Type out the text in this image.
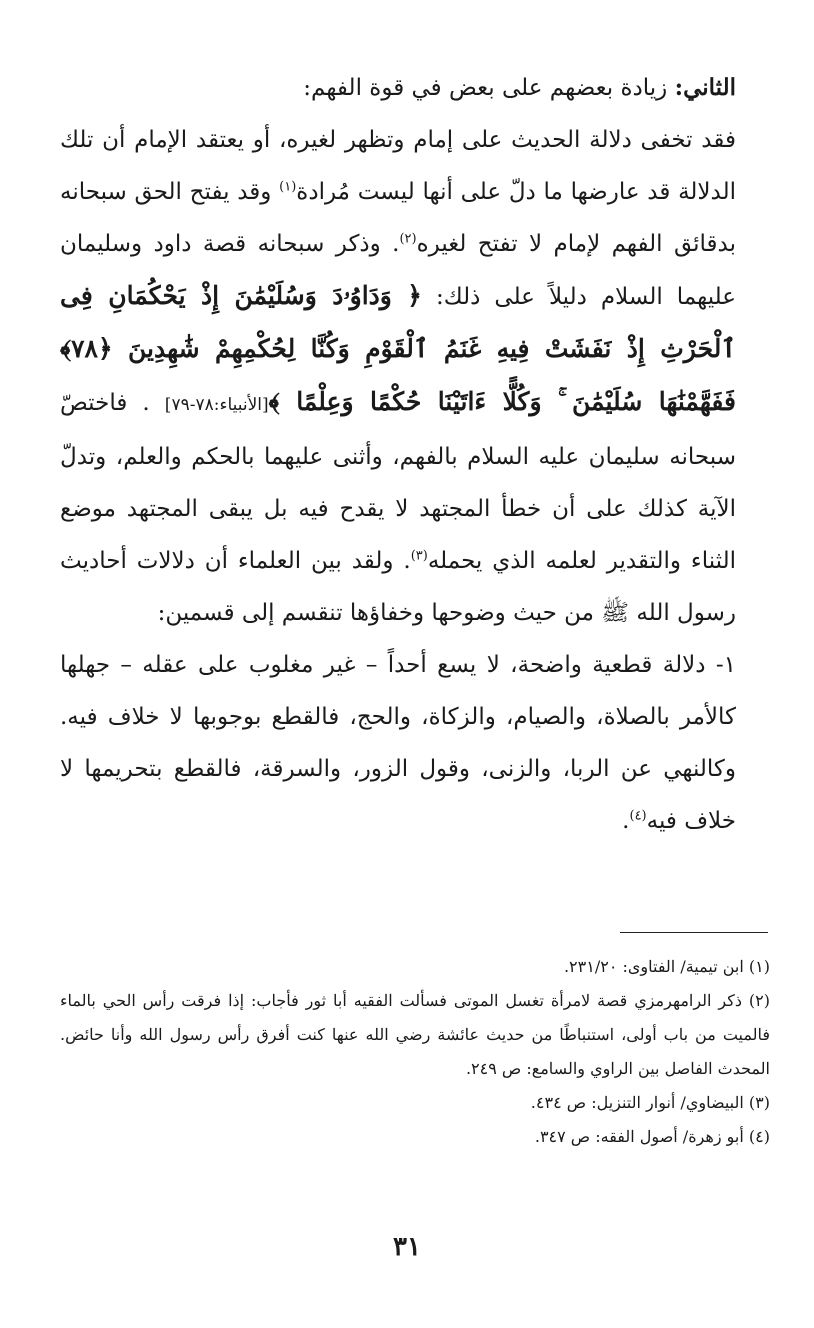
الثاني: زيادة بعضهم على بعض في قوة الفهم:

فقد تخفى دلالة الحديث على إمام وتظهر لغيره، أو يعتقد الإمام أن تلك الدلالة قد عارضها ما دلّ على أنها ليست مُرادة$^{(١)}$ وقد يفتح الحق سبحانه بدقائق الفهم لإمام لا تفتح لغيره$^{(٢)}$. وذكر سبحانه قصة داود وسليمان عليهما السلام دليلاً على ذلك: ﴿ وَدَاوُۥدَ وَسُلَيْمَٰنَ إِذْ يَحْكُمَانِ فِى ٱلْحَرْثِ إِذْ نَفَشَتْ فِيهِ غَنَمُ ٱلْقَوْمِ وَكُنَّا لِحُكْمِهِمْ شَٰهِدِينَ ﴿٧٨﴾ فَفَهَّمْنَٰهَا سُلَيْمَٰنَ ۚ وَكُلًّا ءَاتَيْنَا حُكْمًا وَعِلْمًا ﴾[الأنبياء:٧٨-٧٩] . فاختصّ سبحانه سليمان عليه السلام بالفهم، وأثنى عليهما بالحكم والعلم، وتدلّ الآية كذلك على أن خطأ المجتهد لا يقدح فيه بل يبقى المجتهد موضع الثناء والتقدير لعلمه الذي يحمله$^{(٣)}$. ولقد بين العلماء أن دلالات أحاديث رسول الله ﷺ من حيث وضوحها وخفاؤها تنقسم إلى قسمين:

١- دلالة قطعية واضحة، لا يسع أحداً – غير مغلوب على عقله – جهلها كالأمر بالصلاة، والصيام، والزكاة، والحج، فالقطع بوجوبها لا خلاف فيه. وكالنهي عن الربا، والزنى، وقول الزور، والسرقة، فالقطع بتحريمها لا خلاف فيه$^{(٤)}$.

(١) ابن تيمية/ الفتاوى: ٢٣١/٢٠.

(٢) ذكر الرامهرمزي قصة لامرأة تغسل الموتى فسألت الفقيه أبا ثور فأجاب: إذا فرقت رأس الحي بالماء فالميت من باب أولى، استنباطًا من حديث عائشة رضي الله عنها كنت أفرق رأس رسول الله وأنا حائض. المحدث الفاصل بين الراوي والسامع: ص ٢٤٩.

(٣) البيضاوي/ أنوار التنزيل: ص ٤٣٤.

(٤) أبو زهرة/ أصول الفقه: ص ٣٤٧.

٣١
